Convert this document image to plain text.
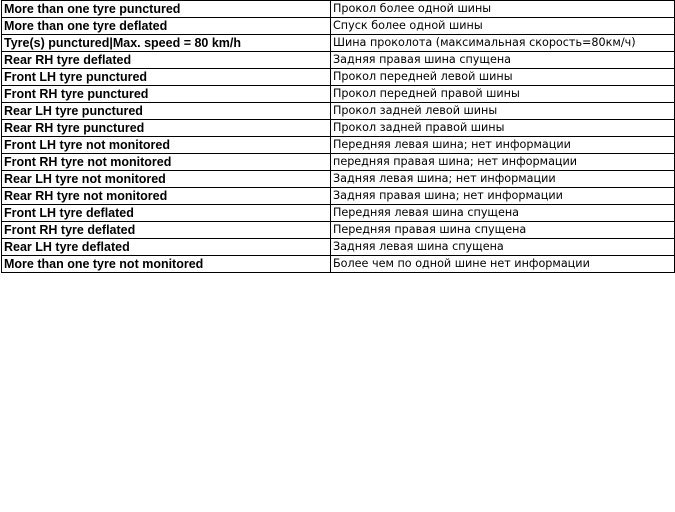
More than one tyre punctured	Прокол более одной шины
More than one tyre deflated	Спуск более одной шины
Tyre(s) punctured|Max. speed = 80 km/h	Шина проколота (максимальная скорость=80км/ч)
Rear RH tyre deflated	Задняя правая шина спущена
Front LH tyre punctured	Прокол передней левой шины
Front RH tyre punctured	Прокол передней правой шины
Rear LH tyre punctured	Прокол задней левой шины
Rear RH tyre punctured	Прокол задней правой шины
Front LH tyre not monitored	Передняя левая шина; нет информации
Front RH tyre not monitored	передняя правая шина; нет информации
Rear LH tyre not monitored	Задняя левая шина; нет информации
Rear RH tyre not monitored	Задняя правая шина; нет информации
Front LH tyre deflated	Передняя левая шина спущена
Front RH tyre deflated	Передняя правая шина спущена
Rear LH tyre deflated	Задняя левая шина спущена
More than one tyre not monitored	Более чем по одной шине нет информации
